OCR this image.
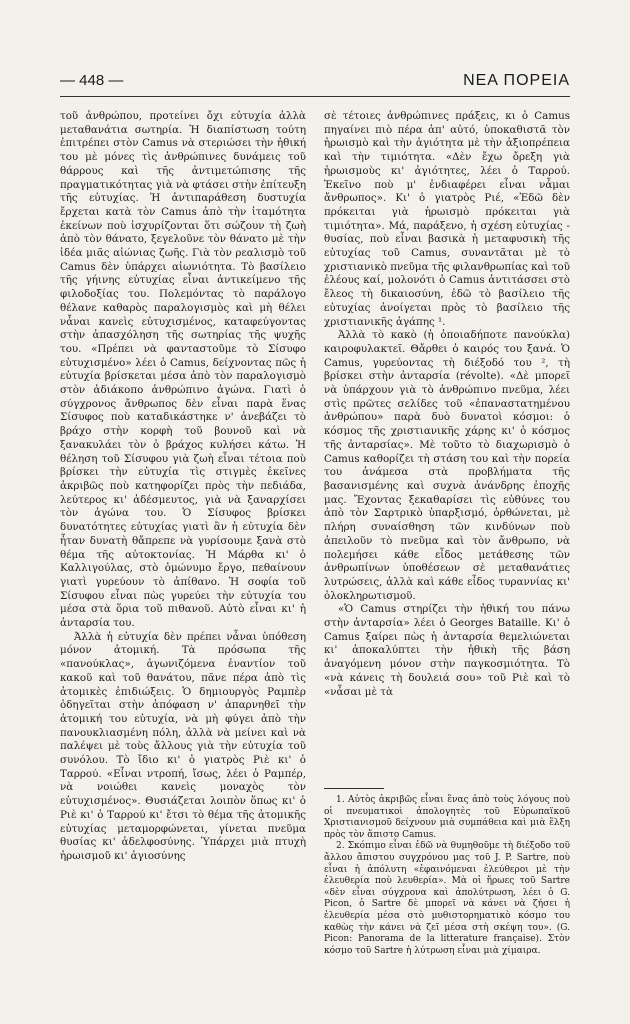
— 448 —	ΝΕΑ ΠΟΡΕΙΑ

τοῦ ἀνθρώπου, προτείνει ὄχι εὐτυχία ἀλλὰ μεταθανάτια σωτηρία. Ἡ διαπίστωση τούτη ἐπιτρέπει στὸν Camus νὰ στεριώσει τὴν ἠθική του μὲ μόνες τὶς ἀνθρώπινες δυνάμεις τοῦ θάρρους καὶ τῆς ἀντιμετώπισης τῆς πραγματικότητας γιὰ νὰ φτάσει στὴν ἐπίτευξη τῆς εὐτυχίας. Ἡ ἀντιπαράθεση δυστυχία ἔρχεται κατὰ τὸν Camus ἀπὸ τὴν ἰταμότητα ἐκείνων ποὺ ἰσχυρίζονται ὅτι σώζουν τὴ ζωὴ ἀπὸ τὸν θάνατο, ξεγελοῦνε τὸν θάνατο μὲ τὴν ἰδέα μιᾶς αἰώνιας ζωῆς. Γιὰ τὸν ρεαλισμὸ τοῦ Camus δὲν ὑπάρχει αἰωνιότητα. Τὸ βασίλειο τῆς γήινης εὐτυχίας εἶναι ἀντικείμενο τῆς φιλοδοξίας του. Πολεμόντας τὸ παράλογο θέλανε καθαρὸς παραλογισμὸς καὶ μὴ θέλει νἆναι κανεὶς εὐτυχισμένος, καταφεύγοντας στὴν ἀπασχόληση τῆς σωτηρίας τῆς ψυχῆς του. «Πρέπει νὰ φανταστοῦμε τὸ Σίσυφο εὐτυχισμένο» λέει ὁ Camus, δείχνοντας πῶς ἡ εὐτυχία βρίσκεται μέσα ἀπὸ τὸν παραλογισμὸ στὸν ἀδιάκοπο ἀνθρώπινο ἀγώνα. Γιατὶ ὁ σύγχρονος ἄνθρωπος δὲν εἶναι παρὰ ἕνας Σίσυφος ποὺ καταδικάστηκε ν' ἀνεβάζει τὸ βράχο στὴν κορφὴ τοῦ βουνοῦ καὶ νὰ ξανακυλάει τὸν ὁ βράχος κυλήσει κάτω. Ἡ θέληση τοῦ Σίσυφου γιὰ ζωὴ εἶναι τέτοια ποὺ βρίσκει τὴν εὐτυχία τὶς στιγμὲς ἐκεῖνες ἀκριβῶς ποὺ κατηφορίζει πρὸς τὴν πεδιάδα, λεύτερος κι' ἀδέσμευτος, γιὰ νὰ ξαναρχίσει τὸν ἀγώνα του. Ὁ Σίσυφος βρίσκει δυνατότητες εὐτυχίας γιατὶ ἂν ἡ εὐτυχία δὲν ἦταν δυνατὴ θἄπρεπε νὰ γυρίσουμε ξανὰ στὸ θέμα τῆς αὐτοκτονίας. Ἡ Μάρθα κι' ὁ Καλλιγούλας, στὸ ὁμώνυμο ἔργο, πεθαίνουν γιατὶ γυρεύουν τὸ ἀπίθανο. Ἡ σοφία τοῦ Σίσυφου εἶναι πὼς γυρεύει τὴν εὐτυχία του μέσα στὰ ὅρια τοῦ πιθανοῦ. Αὐτὸ εἶναι κι' ἡ ἀνταρσία του.

Ἀλλὰ ἡ εὐτυχία δὲν πρέπει νἆναι ὑπόθεση μόνον ἀτομική. Τὰ πρόσωπα τῆς «πανούκλας», ἀγωνιζόμενα ἐναντίον τοῦ κακοῦ καὶ τοῦ θανάτου, πᾶνε πέρα ἀπὸ τὶς ἀτομικὲς ἐπιδιώξεις. Ὁ δημιουργὸς Ραμπὲρ ὁδηγεῖται στὴν ἀπόφαση ν' ἀπαρνηθεῖ τὴν ἀτομική του εὐτυχία, νὰ μὴ φύγει ἀπὸ τὴν πανουκλιασμένη πόλη, ἀλλὰ νὰ μείνει καὶ νὰ παλέψει μὲ τοὺς ἄλλους γιὰ τὴν εὐτυχία τοῦ συνόλου. Τὸ ἴδιο κι' ὁ γιατρὸς Ριὲ κι' ὁ Ταρρού. «Εἶναι ντροπή, ἴσως, λέει ὁ Ραμπέρ, νὰ νοιώθει κανεὶς μοναχὸς τὸν εὐτυχισμένος». Θυσιάζεται λοιπὸν ὅπως κι' ὁ Ριὲ κι' ὁ Ταρρού κι' ἔτσι τὸ θέμα τῆς ἀτομικῆς εὐτυχίας μεταμορφώνεται, γίνεται πνεῦμα θυσίας κι' ἀδελφοσύνης. Ὑπάρχει μιὰ πτυχὴ ἡρωισμοῦ κι' ἁγιοσύνης

σὲ τέτοιες ἀνθρώπινες πράξεις, κι ὁ Camus πηγαίνει πιὸ πέρα ἀπ' αὐτό, ὑποκαθιστᾶ τὸν ἡρωισμὸ καὶ τὴν ἁγιότητα μὲ τὴν ἀξιοπρέπεια καὶ τὴν τιμιότητα. «Δὲν ἔχω ὄρεξη γιὰ ἡρωισμοὺς κι' ἁγιότητες, λέει ὁ Ταρρού. Ἐκεῖνο ποὺ μ' ἐνδιαφέρει εἶναι νἆμαι ἄνθρωπος». Κι' ὁ γιατρὸς Ριέ, «Ἐδῶ δὲν πρόκειται γιὰ ἡρωισμὸ πρόκειται γιὰ τιμιότητα». Μά, παράξενο, ἡ σχέση εὐτυχίας - θυσίας, ποὺ εἶναι βασικὰ ἡ μεταφυσικὴ τῆς εὐτυχίας τοῦ Camus, συναντᾶται μὲ τὸ χριστιανικὸ πνεῦμα τῆς φιλανθρωπίας καὶ τοῦ ἐλέους καί, μολονότι ὁ Camus ἀντιτάσσει στὸ ἔλεος τὴ δικαιοσύνη, ἐδῶ τὸ βασίλειο τῆς εὐτυχίας ἀνοίγεται πρὸς τὸ βασίλειο τῆς χριστιανικῆς ἀγάπης ¹.

Ἀλλὰ τὸ κακὸ (ἡ ὁποιαδήποτε πανούκλα) καιροφυλακτεῖ. Θἄρθει ὁ καιρός του ξανά. Ὁ Camus, γυρεύοντας τὴ διέξοδό του ², τὴ βρίσκει στὴν ἀνταρσία (révolte). «Δὲ μπορεῖ νὰ ὑπάρχουν γιὰ τὸ ἀνθρώπινο πνεῦμα, λέει στὶς πρῶτες σελίδες τοῦ «ἐπαναστατημένου ἀνθρώπου» παρὰ δυὸ δυνατοὶ κόσμοι: ὁ κόσμος τῆς χριστιανικῆς χάρης κι' ὁ κόσμος τῆς ἀνταρσίας». Μὲ τοῦτο τὸ διαχωρισμὸ ὁ Camus καθορίζει τὴ στάση του καὶ τὴν πορεία του ἀνάμεσα στὰ προβλήματα τῆς βασανισμένης καὶ συχνὰ ἀνάνδρης ἐποχῆς μας. Ἔχοντας ξεκαθαρίσει τὶς εὐθύνες του ἀπὸ τὸν Σαρτρικὸ ὑπαρξισμό, ὀρθώνεται, μὲ πλήρη συναίσθηση τῶν κινδύνων ποὺ ἀπειλοῦν τὸ πνεῦμα καὶ τὸν ἄνθρωπο, νὰ πολεμήσει κάθε εἶδος μετάθεσης τῶν ἀνθρωπίνων ὑποθέσεων σὲ μεταθανάτιες λυτρώσεις, ἀλλὰ καὶ κάθε εἶδος τυραννίας κι' ὁλοκληρωτισμοῦ.

«Ὁ Camus στηρίζει τὴν ἠθική του πάνω στὴν ἀνταρσία» λέει ὁ Georges Bataille. Κι' ὁ Camus ξαίρει πὼς ἡ ἀνταρσία θεμελιώνεται κι' ἀποκαλύπτει τὴν ἠθικὴ τῆς βάση ἀναγόμενη μόνον στὴν παγκοσμιότητα. Τὸ «νὰ κάνεις τὴ δουλειά σου» τοῦ Ριὲ καὶ τὸ «νἆσαι μὲ τὰ

1. Αὐτὸς ἀκριβῶς εἶναι ἕνας ἀπὸ τοὺς λόγους ποὺ οἱ πνευματικοὶ ἀπολογητὲς τοῦ Εὐρωπαϊκοῦ Χριστιανισμοῦ δείχνουν μιὰ συμπάθεια καὶ μιὰ ἕλξη πρὸς τὸν ἄπιστο Camus.

2. Σκόπιμο εἶναι ἐδῶ νὰ θυμηθοῦμε τὴ διέξοδο τοῦ ἄλλου ἄπιστου συγχρόνου μας τοῦ J. P. Sartre, ποὺ εἶναι ἡ ἀπόλυτη «ἐφαινόμεναι ἐλεύθεροι μὲ τὴν ἐλευθερία ποὺ λευθερία». Μὰ οἱ ἥρωες τοῦ Sartre «δὲν εἶναι σύγχρονα καὶ ἀπολύτρωση, λέει ὁ G. Picon, ὁ Sartre δὲ μπορεῖ νὰ κάνει νὰ ζήσει ἡ ἐλευθερία μέσα στὸ μυθιστορηματικὸ κόσμο του καθὼς τὴν κάνει νὰ ζεῖ μέσα στὴ σκέψη του». (G. Picon: Panorama de la litterature française). Στὸν κόσμο τοῦ Sartre ἡ λύτρωση εἶναι μιὰ χίμαιρα.
